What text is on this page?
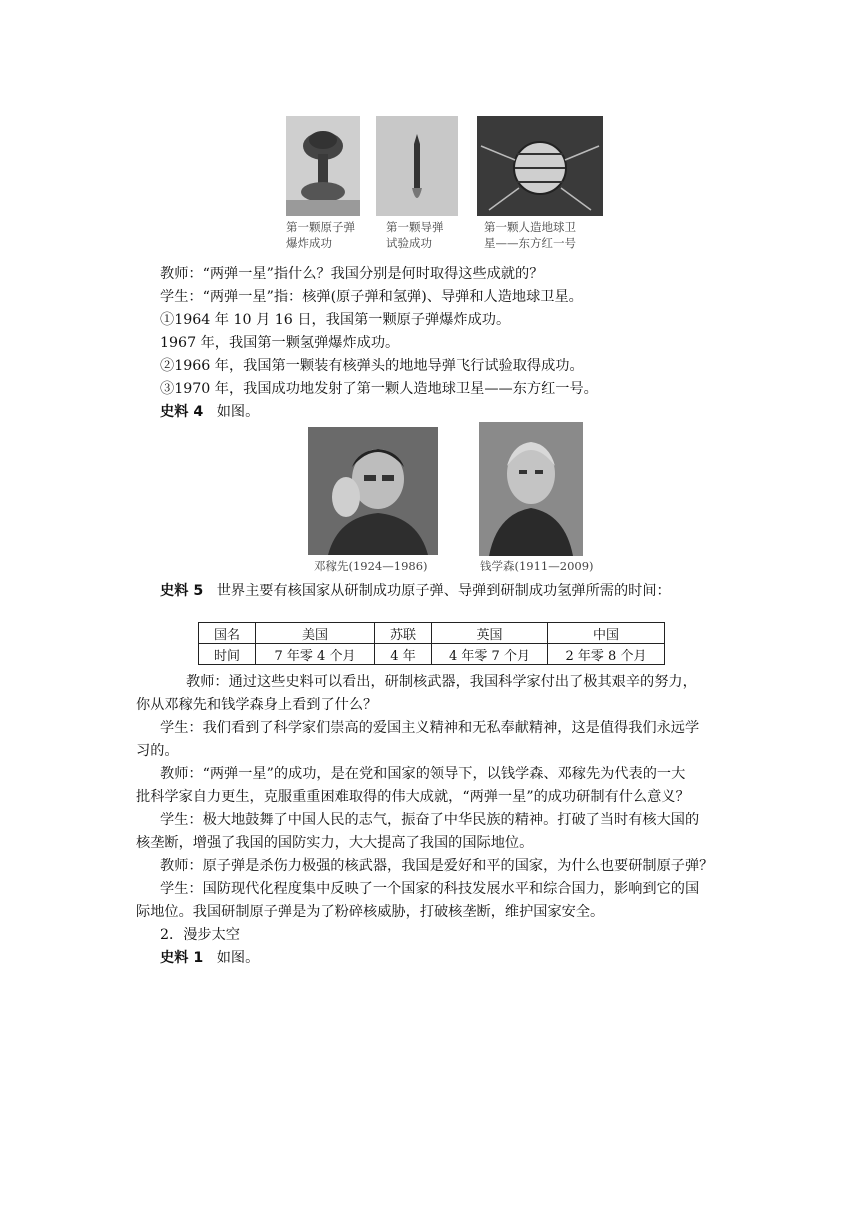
第一颗原子弹
爆炸成功
第一颗导弹
试验成功
第一颗人造地球卫
星——东方红一号
教师：“两弹一星”指什么？我国分别是何时取得这些成就的？
学生：“两弹一星”指：核弹(原子弹和氢弹)、导弹和人造地球卫星。
①1964 年 10 月 16 日，我国第一颗原子弹爆炸成功。
1967 年，我国第一颗氢弹爆炸成功。
②1966 年，我国第一颗装有核弹头的地地导弹飞行试验取得成功。
③1970 年，我国成功地发射了第一颗人造地球卫星——东方红一号。
史料 4 如图。
邓稼先(1924—1986)	钱学森(1911—2009)
史料 5 世界主要有核国家从研制成功原子弹、导弹到研制成功氢弹所需的时间：
国名	美国	苏联	英国	中国
时间	7 年零 4 个月	4 年	4 年零 7 个月	2 年零 8 个月
教师：通过这些史料可以看出，研制核武器，我国科学家付出了极其艰辛的努力，
你从邓稼先和钱学森身上看到了什么？
学生：我们看到了科学家们崇高的爱国主义精神和无私奉献精神，这是值得我们永远学
习的。
教师：“两弹一星”的成功，是在党和国家的领导下，以钱学森、邓稼先为代表的一大
批科学家自力更生，克服重重困难取得的伟大成就，“两弹一星”的成功研制有什么意义？
学生：极大地鼓舞了中国人民的志气，振奋了中华民族的精神。打破了当时有核大国的
核垄断，增强了我国的国防实力，大大提高了我国的国际地位。
教师：原子弹是杀伤力极强的核武器，我国是爱好和平的国家，为什么也要研制原子弹？
学生：国防现代化程度集中反映了一个国家的科技发展水平和综合国力，影响到它的国
际地位。我国研制原子弹是为了粉碎核威胁，打破核垄断，维护国家安全。
2．漫步太空
史料 1 如图。
